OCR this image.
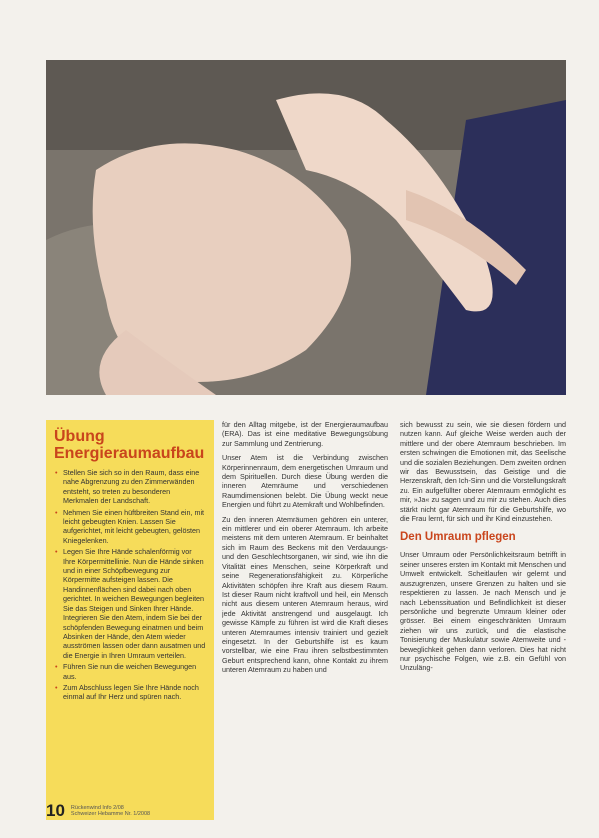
Übung Energieraumaufbau
• Stellen Sie sich so in den Raum, dass eine nahe Abgrenzung zu den Zimmerwänden entsteht, so treten zu besonderen Merkmalen der Landschaft.
• Nehmen Sie einen hüftbreiten Stand ein, mit leicht gebeugten Knien. Lassen Sie aufgerichtet, mit leicht gebeugten, gelösten Kniegelenken.
• Legen Sie Ihre Hände schalenförmig vor Ihre Körpermittellinie. Nun die Hände sinken und in einer Schöpfbewegung zur Körpermitte aufsteigen lassen. Die Handinnenflächen sind dabei nach oben gerichtet. In weichen Bewegungen begleiten Sie das Steigen und Sinken Ihrer Hände. Integrieren Sie den Atem, indem Sie bei der schöpfenden Bewegung einatmen und beim Absinken der Hände, den Atem wieder ausströmen lassen oder dann ausatmen und die Energie in Ihren Umraum verteilen.
• Führen Sie nun die weichen Bewegungen aus.
• Zum Abschluss legen Sie Ihre Hände noch einmal auf Ihr Herz und spüren nach.

für den Alltag mitgebe, ist der Energieraumaufbau (ERA). Das ist eine meditative Bewegungsübung zur Sammlung und Zentrierung.

Unser Atem ist die Verbindung zwischen Körperinnenraum, dem energetischen Umraum und dem Spirituellen. Durch diese Übung werden die inneren Atemräume und verschiedenen Raumdimensionen belebt. Die Übung weckt neue Energien und führt zu Atemkraft und Wohlbefinden.

Zu den inneren Atemräumen gehören ein unterer, ein mittlerer und ein oberer Atemraum. Ich arbeite meistens mit dem unteren Atemraum. Er beinhaltet sich im Raum des Beckens mit den Verdauungs- und den Geschlechtsorganen, wir sind, wie ihn die Vitalität eines Menschen, seine Körperkraft und seine Regenerationsfähigkeit zu. Körperliche Aktivitäten schöpfen ihre Kraft aus diesem Raum. Ist dieser Raum nicht kraftvoll und heil, ein Mensch nicht aus diesem unteren Atemraum heraus, wird jede Aktivität anstrengend und ausgelaugt. Ich gewisse Kämpfe zu führen ist wird die Kraft dieses unteren Atemraumes intensiv trainiert und gezielt eingesetzt. In der Geburtshilfe ist es kaum vorstellbar, wie eine Frau ihren selbstbestimmten Geburt entsprechend kann, ohne Kontakt zu ihrem unteren Atemraum zu haben und

sich bewusst zu sein, wie sie diesen fördern und nutzen kann. Auf gleiche Weise werden auch der mittlere und der obere Atemraum beschrieben. Im ersten schwingen die Emotionen mit, das Seelische und die sozialen Beziehungen. Dem zweiten ordnen wir das Bewusstsein, das Geistige und die Herzenskraft, den Ich-Sinn und die Vorstellungskraft zu. Ein aufgefüllter oberer Atemraum ermöglicht es mir, »Ja« zu sagen und zu mir zu stehen. Auch dies stärkt nicht gar Atemraum für die Geburtshilfe, wo die Frau lernt, für sich und ihr Kind einzustehen.

Den Umraum pflegen

Unser Umraum oder Persönlichkeitsraum betrifft in seiner unseres ersten im Kontakt mit Menschen und Umwelt entwickelt. Scheitlaufen wir gelernt und auszugrenzen, unsere Grenzen zu halten und sie respektieren zu lassen. Je nach Mensch und je nach Lebenssituation und Befindlichkeit ist dieser persönliche und begrenzte Umraum kleiner oder grösser. Bei einem eingeschränkten Umraum ziehen wir uns zurück, und die elastische Tonisierung der Muskulatur sowie Atemweite und -beweglichkeit gehen dann verloren. Dies hat nicht nur psychische Folgen, wie z.B. ein Gefühl von Unzuläng-

10 Rückenwind Info 2/08
Schweizer Hebamme Nr. 1/2008
